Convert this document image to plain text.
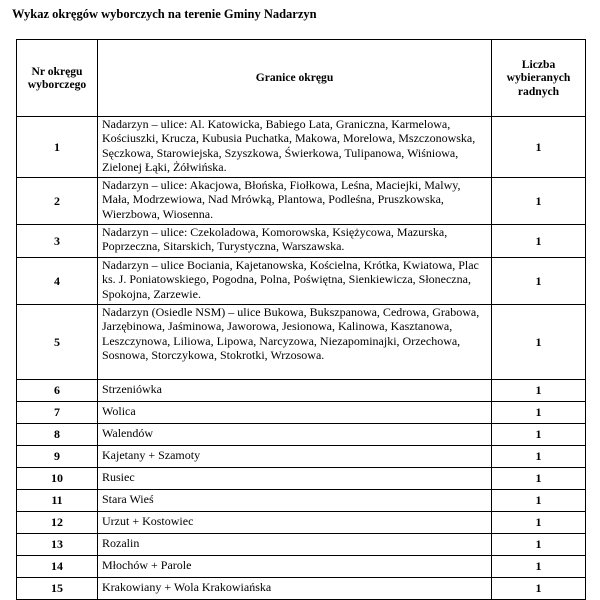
Wykaz okręgów wyborczych na terenie Gminy Nadarzyn
Nr okręgu wyborczego	Granice okręgu	Liczba wybieranych radnych
1	Nadarzyn – ulice: Al. Katowicka, Babiego Lata, Graniczna, Karmelowa, Kościuszki, Krucza, Kubusia Puchatka, Makowa, Morelowa, Mszczonowska, Sęczkowa, Starowiejska, Szyszkowa, Świerkowa, Tulipanowa, Wiśniowa, Zielonej Łąki, Żółwińska.	1
2	Nadarzyn – ulice: Akacjowa, Błońska, Fiołkowa, Leśna, Maciejki, Malwy, Mała, Modrzewiowa, Nad Mrówką, Plantowa, Podleśna, Pruszkowska, Wierzbowa, Wiosenna.	1
3	Nadarzyn – ulice: Czekoladowa, Komorowska, Księżycowa, Mazurska, Poprzeczna, Sitarskich, Turystyczna, Warszawska.	1
4	Nadarzyn – ulice Bociania, Kajetanowska, Kościelna, Krótka, Kwiatowa, Plac ks. J. Poniatowskiego, Pogodna, Polna, Poświętna, Sienkiewicza, Słoneczna, Spokojna, Zarzewie.	1
5	Nadarzyn (Osiedle NSM) – ulice Bukowa, Bukszpanowa, Cedrowa, Grabowa, Jarzębinowa, Jaśminowa, Jaworowa, Jesionowa, Kalinowa, Kasztanowa, Leszczynowa, Liliowa, Lipowa, Narcyzowa, Niezapominajki, Orzechowa, Sosnowa, Storczykowa, Stokrotki, Wrzosowa.	1
6	Strzeniówka	1
7	Wolica	1
8	Walendów	1
9	Kajetany + Szamoty	1
10	Rusiec	1
11	Stara Wieś	1
12	Urzut + Kostowiec	1
13	Rozalin	1
14	Młochów + Parole	1
15	Krakowiany + Wola Krakowiańska	1
